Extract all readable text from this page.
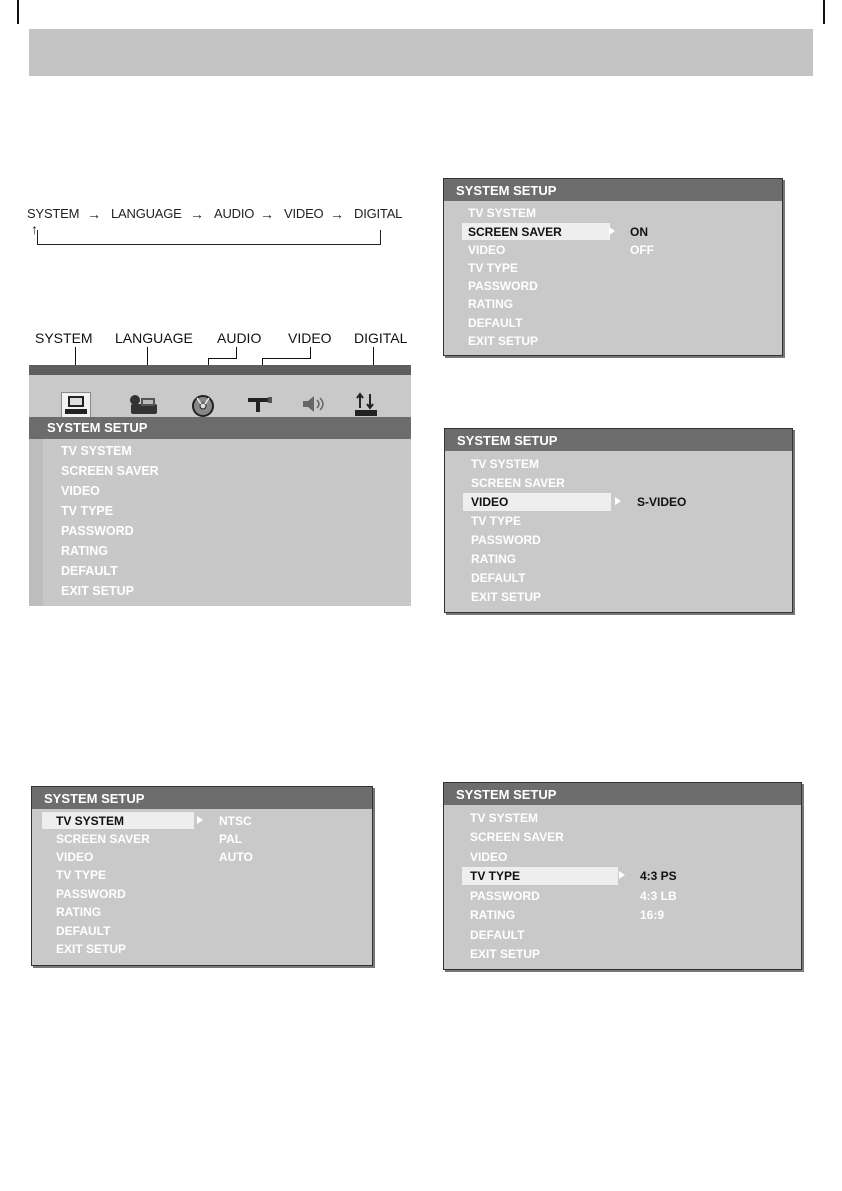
SYSTEM → LANGUAGE → AUDIO → VIDEO → DIGITAL
↑
SYSTEM LANGUAGE AUDIO VIDEO DIGITAL
SYSTEM SETUP
TV SYSTEM
SCREEN SAVER
VIDEO
TV TYPE
PASSWORD
RATING
DEFAULT
EXIT SETUP
SYSTEM SETUP
TV SYSTEM
SCREEN SAVER	ON
VIDEO	OFF
TV TYPE
PASSWORD
RATING
DEFAULT
EXIT SETUP
SYSTEM SETUP
TV SYSTEM
SCREEN SAVER
VIDEO	S-VIDEO
TV TYPE
PASSWORD
RATING
DEFAULT
EXIT SETUP
SYSTEM SETUP
TV SYSTEM	NTSC
SCREEN SAVER	PAL
VIDEO	AUTO
TV TYPE
PASSWORD
RATING
DEFAULT
EXIT SETUP
SYSTEM SETUP
TV SYSTEM
SCREEN SAVER
VIDEO
TV TYPE	4:3 PS
PASSWORD	4:3 LB
RATING	16:9
DEFAULT
EXIT SETUP
